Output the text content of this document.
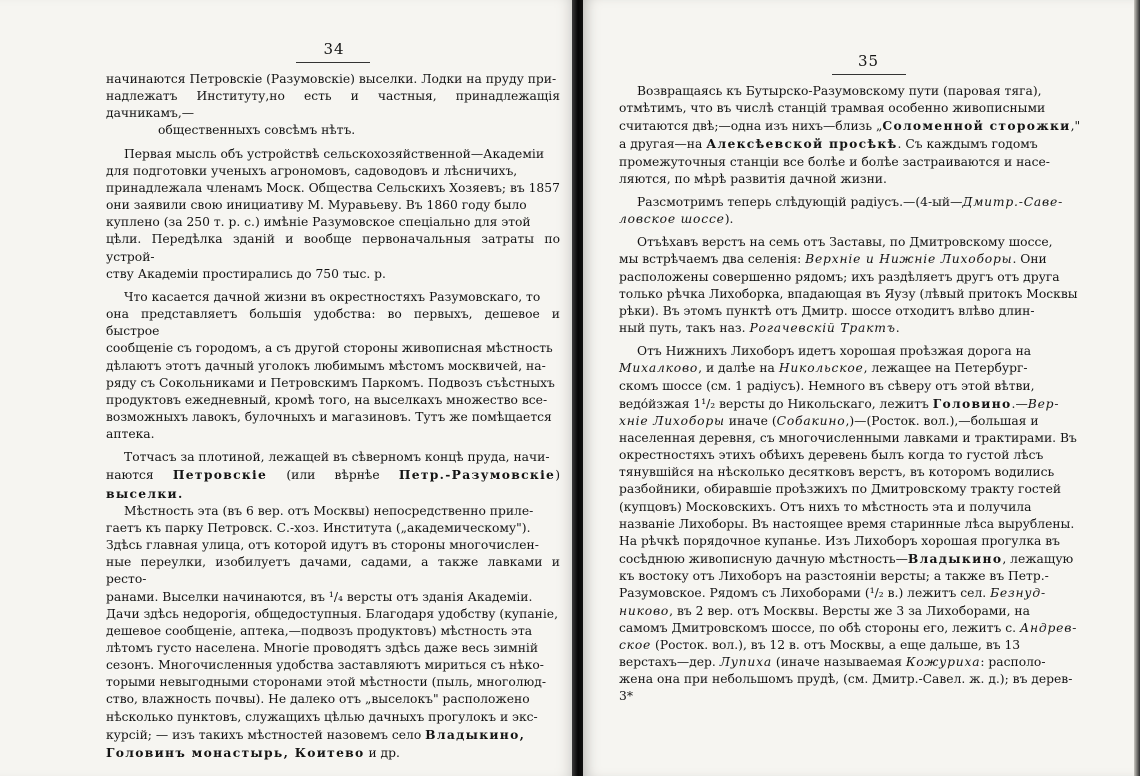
34

начинаются Петровскіе (Разумовскіе) выселки. Лодки на пруду при-

надлежатъ Институту,но есть и частныя, принадлежащія дачникамъ,—

общественныхъ совсѣмъ нѣтъ.

Первая мысль объ устройствѣ сельскохозяйственной—Академіи

для подготовки ученыхъ агрономовъ, садоводовъ и лѣсничихъ,

принадлежала членамъ Моск. Общества Сельскихъ Хозяевъ; въ 1857

они заявили свою инициативу М. Муравьеву. Въ 1860 году было

куплено (за 250 т. р. с.) имѣніе Разумовское спеціально для этой

цѣли. Передѣлка зданій и вообще первоначальныя затраты по устрой-

ству Академіи простирались до 750 тыс. р.

Что касается дачной жизни въ окрестностяхъ Разумовскаго, то

она представляетъ большія удобства: во первыхъ, дешевое и быстрое

сообщеніе съ городомъ, а съ другой стороны живописная мѣстность

дѣлаютъ этотъ дачный уголокъ любимымъ мѣстомъ москвичей, на-

ряду съ Сокольниками и Петровскимъ Паркомъ. Подвозъ съѣстныхъ

продуктовъ ежедневный, кромѣ того, на выселкахъ множество все-

возможныхъ лавокъ, булочныхъ и магазиновъ. Тутъ же помѣщается

аптека.

Тотчасъ за плотиной, лежащей въ сѣверномъ концѣ пруда, начи-

наются Петровскіе (или вѣрнѣе Петр.-Разумовскіе) выселки.

Мѣстность эта (въ 6 вер. отъ Москвы) непосредственно приле-

гаетъ къ парку Петровск. С.-хоз. Института („академическому").

Здѣсь главная улица, отъ которой идутъ въ стороны многочислен-

ные переулки, изобилуетъ дачами, садами, а также лавками и ресто-

ранами. Выселки начинаются, въ ¹/₄ версты отъ зданія Академіи.

Дачи здѣсь недорогія, общедоступныя. Благодаря удобству (купаніе,

дешевое сообщеніе, аптека,—подвозъ продуктовъ) мѣстность эта

лѣтомъ густо населена. Многіе проводятъ здѣсь даже весь зимній

сезонъ. Многочисленныя удобства заставляютъ мириться съ нѣко-

торыми невыгодными сторонами этой мѣстности (пыль, многолюд-

ство, влажность почвы). Не далеко отъ „выселокъ" расположено

нѣсколько пунктовъ, служащихъ цѣлью дачныхъ прогулокъ и экс-

курсій; — изъ такихъ мѣстностей назовемъ село Владыкино,

Головинъ монастырь, Коитево и др.

35

Возвращаясь къ Бутырско-Разумовскому пути (паровая тяга),

отмѣтимъ, что въ числѣ станцій трамвая особенно живописными

считаются двѣ;—одна изъ нихъ—близь „Соломенной сторожки,"

а другая—на Алексѣевской просѣкѣ. Съ каждымъ годомъ

промежуточныя станціи все болѣе и болѣе застраиваются и насе-

ляются, по мѣрѣ развитія дачной жизни.

Разсмотримъ теперь слѣдующій радіусъ.—(4-ый—Дмитр.-Саве-

ловское шоссе).

Отъѣхавъ верстъ на семь отъ Заставы, по Дмитровскому шоссе,

мы встрѣчаемъ два селенія: Верхніе и Нижніе Лихоборы. Они

расположены совершенно рядомъ; ихъ раздѣляетъ другъ отъ друга

только рѣчка Лихоборка, впадающая въ Яузу (лѣвый притокъ Москвы

рѣки). Въ этомъ пунктѣ отъ Дмитр. шоссе отходитъ влѣво длин-

ный путь, такъ наз. Рогачевскій Трактъ.

Отъ Нижнихъ Лихоборъ идетъ хорошая проѣзжая дорога на

Михалково, и далѣе на Никольское, лежащее на Петербург-

скомъ шоссе (см. 1 радіусъ). Немного въ сѣверу отъ этой вѣтви,

ведо́йзжая 1¹/₂ версты до Никольскаго, лежитъ Головино.—Вер-

хніе Лихоборы иначе (Собакино,)—(Росток. вол.),—большая и

населенная деревня, съ многочисленными лавками и трактирами. Въ

окрестностяхъ этихъ обѣихъ деревень былъ когда то густой лѣсъ

тянувшійся на нѣсколько десятковъ верстъ, въ которомъ водились

разбойники, обиравшіе проѣзжихъ по Дмитровскому тракту гостей

(купцовъ) Московскихъ. Отъ нихъ то мѣстность эта и получила

названіе Лихоборы. Въ настоящее время старинные лѣса вырублены.

На рѣчкѣ порядочное купанье. Изъ Лихоборъ хорошая прогулка въ

сосѣднюю живописную дачную мѣстность—Владыкино, лежащую

къ востоку отъ Лихоборъ на разстояніи версты; а также въ Петр.-

Разумовское. Рядомъ съ Лихоборами (¹/₂ в.) лежитъ сел. Безнуд-

никово, въ 2 вер. отъ Москвы. Версты же 3 за Лихоборами, на

самомъ Дмитровскомъ шоссе, по обѣ стороны его, лежитъ с. Андрев-

ское (Росток. вол.), въ 12 в. отъ Москвы, а еще дальше, въ 13

верстахъ—дер. Лупиха (иначе называемая Кожуриха: располо-

жена она при небольшомъ прудѣ, (см. Дмитр.-Савел. ж. д.); въ дерев-

3*
